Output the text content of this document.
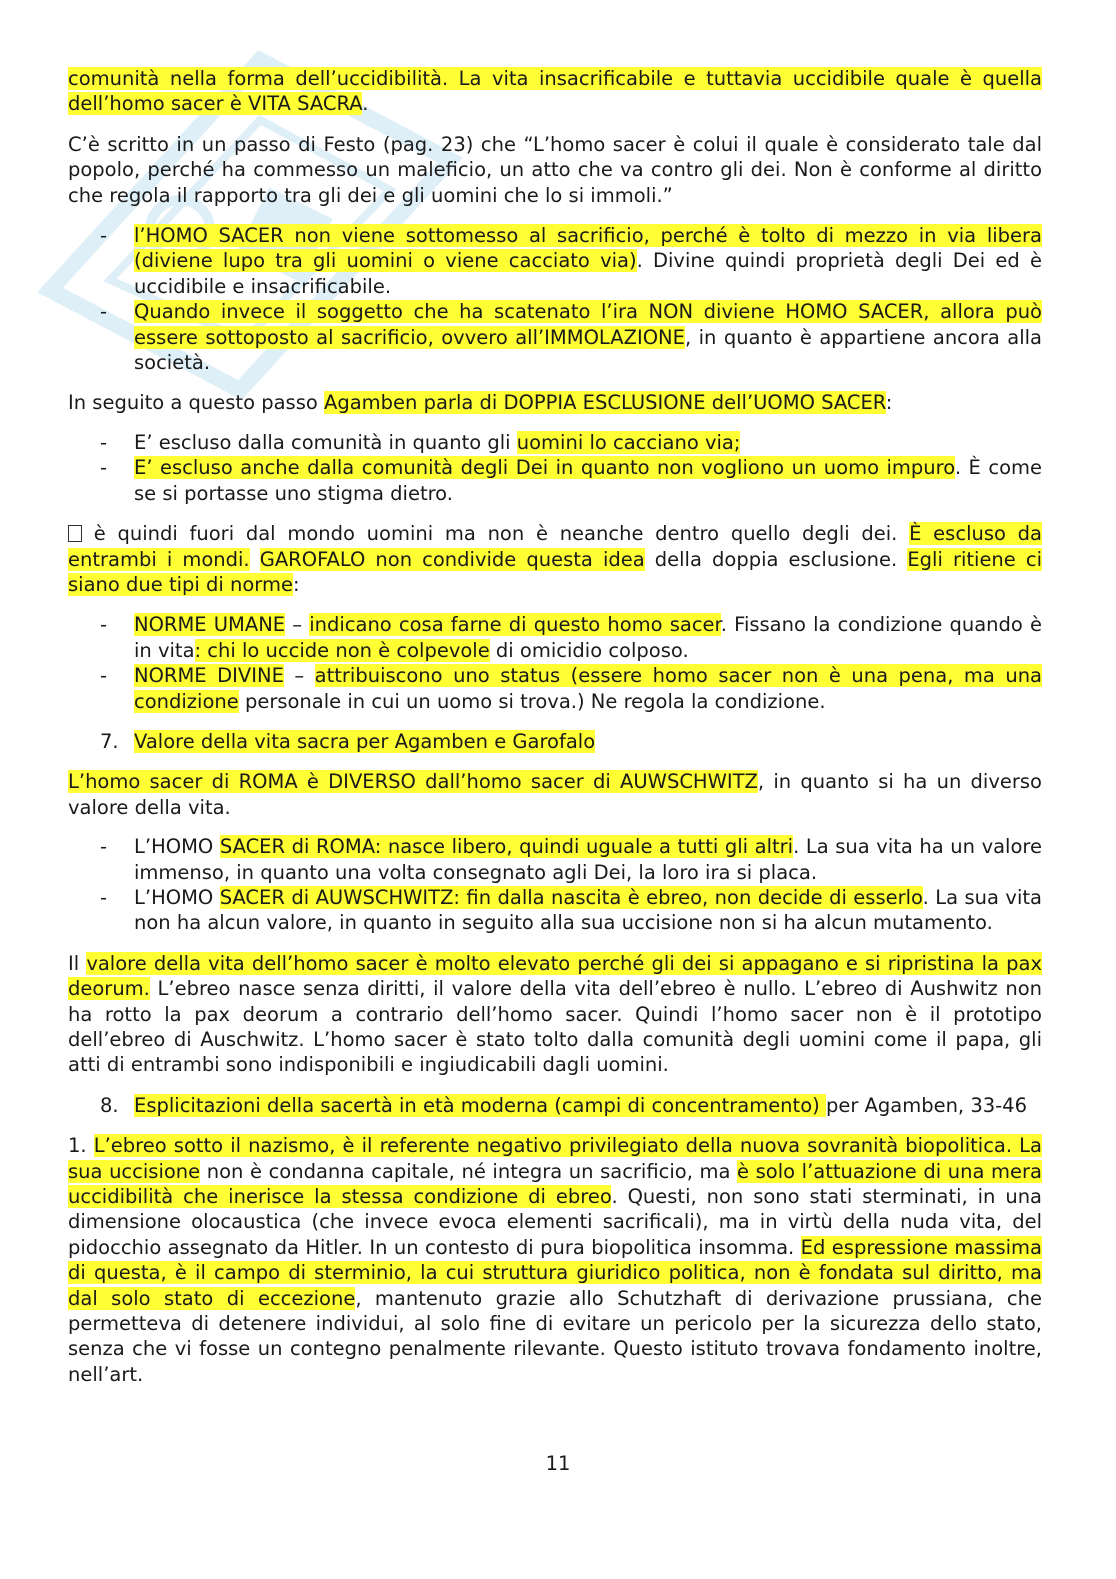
comunità nella forma dell’uccidibilità. La vita insacrificabile e tuttavia uccidibile quale è quella dell’homo sacer è VITA SACRA.

C’è scritto in un passo di Festo (pag. 23) che “L’homo sacer è colui il quale è considerato tale dal popolo, perché ha commesso un maleficio, un atto che va contro gli dei. Non è conforme al diritto che regola il rapporto tra gli dei e gli uomini che lo si immoli.”

- l’HOMO SACER non viene sottomesso al sacrificio, perché è tolto di mezzo in via libera (diviene lupo tra gli uomini o viene cacciato via). Divine quindi proprietà degli Dei ed è uccidibile e insacrificabile.
- Quando invece il soggetto che ha scatenato l’ira NON diviene HOMO SACER, allora può essere sottoposto al sacrificio, ovvero all’IMMOLAZIONE, in quanto è appartiene ancora alla società.

In seguito a questo passo Agamben parla di DOPPIA ESCLUSIONE dell’UOMO SACER:

- E’ escluso dalla comunità in quanto gli uomini lo cacciano via;
- E’ escluso anche dalla comunità degli Dei in quanto non vogliono un uomo impuro. È come se si portasse uno stigma dietro.

è quindi fuori dal mondo uomini ma non è neanche dentro quello degli dei. È escluso da entrambi i mondi. GAROFALO non condivide questa idea della doppia esclusione. Egli ritiene ci siano due tipi di norme:

- NORME UMANE – indicano cosa farne di questo homo sacer. Fissano la condizione quando è in vita: chi lo uccide non è colpevole di omicidio colposo.
- NORME DIVINE – attribuiscono uno status (essere homo sacer non è una pena, ma una condizione personale in cui un uomo si trova.) Ne regola la condizione.
7. Valore della vita sacra per Agamben e Garofalo

L’homo sacer di ROMA è DIVERSO dall’homo sacer di AUWSCHWITZ, in quanto si ha un diverso valore della vita.

- L’HOMO SACER di ROMA: nasce libero, quindi uguale a tutti gli altri. La sua vita ha un valore immenso, in quanto una volta consegnato agli Dei, la loro ira si placa.
- L’HOMO SACER di AUWSCHWITZ: fin dalla nascita è ebreo, non decide di esserlo. La sua vita non ha alcun valore, in quanto in seguito alla sua uccisione non si ha alcun mutamento.

Il valore della vita dell’homo sacer è molto elevato perché gli dei si appagano e si ripristina la pax deorum. L’ebreo nasce senza diritti, il valore della vita dell’ebreo è nullo. L’ebreo di Aushwitz non ha rotto la pax deorum a contrario dell’homo sacer. Quindi l’homo sacer non è il prototipo dell’ebreo di Auschwitz. L’homo sacer è stato tolto dalla comunità degli uomini come il papa, gli atti di entrambi sono indisponibili e ingiudicabili dagli uomini.

8. Esplicitazioni della sacertà in età moderna (campi di concentramento) per Agamben, 33-46

1. L’ebreo sotto il nazismo, è il referente negativo privilegiato della nuova sovranità biopolitica. La sua uccisione non è condanna capitale, né integra un sacrificio, ma è solo l’attuazione di una mera uccidibilità che inerisce la stessa condizione di ebreo. Questi, non sono stati sterminati, in una dimensione olocaustica (che invece evoca elementi sacrificali), ma in virtù della nuda vita, del pidocchio assegnato da Hitler. In un contesto di pura biopolitica insomma. Ed espressione massima di questa, è il campo di sterminio, la cui struttura giuridico politica, non è fondata sul diritto, ma dal solo stato di eccezione, mantenuto grazie allo Schutzhaft di derivazione prussiana, che permetteva di detenere individui, al solo fine di evitare un pericolo per la sicurezza dello stato, senza che vi fosse un contegno penalmente rilevante. Questo istituto trovava fondamento inoltre, nell’art.

11
